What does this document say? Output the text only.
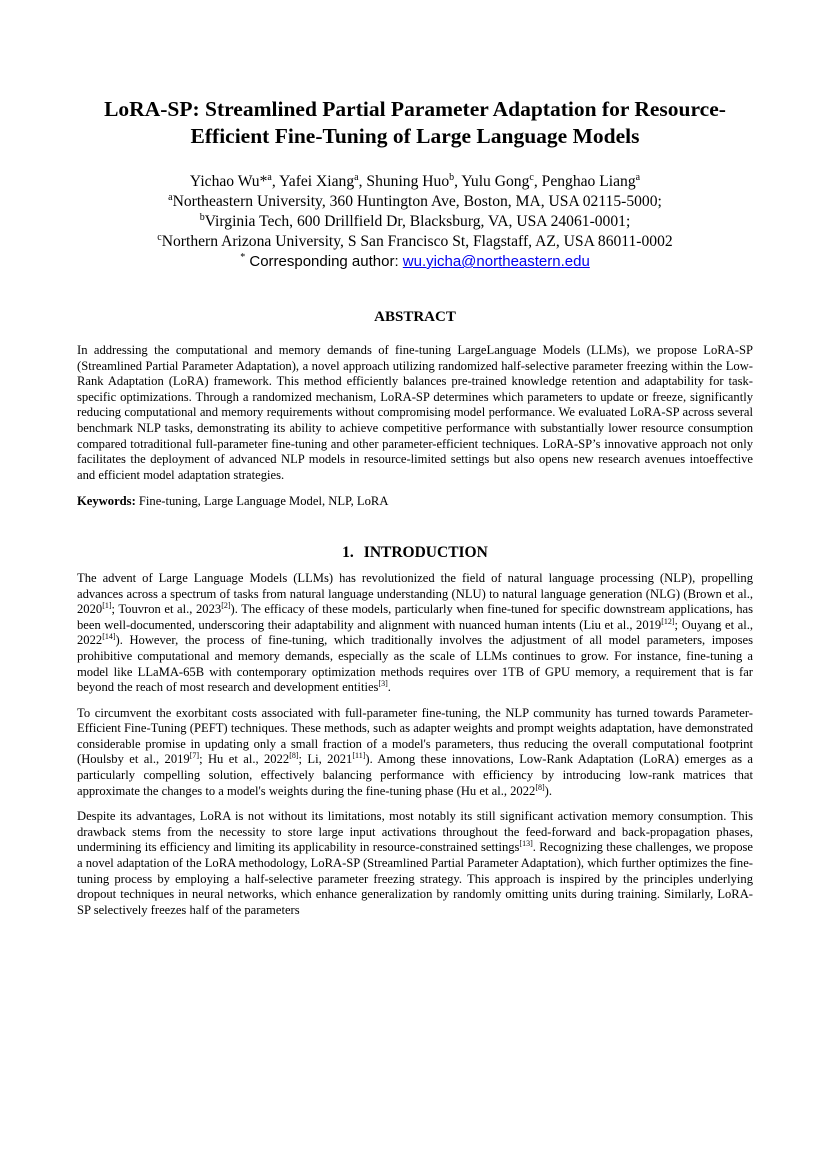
LoRA-SP: Streamlined Partial Parameter Adaptation for Resource-
Efficient Fine-Tuning of Large Language Models
Yichao Wu*$^a$, Yafei Xiang$^a$, Shuning Huo$^b$, Yulu Gong$^c$, Penghao Liang$^a$
$^a$Northeastern University, 360 Huntington Ave, Boston, MA, USA 02115-5000;
$^b$Virginia Tech, 600 Drillfield Dr, Blacksburg, VA, USA 24061-0001;
$^c$Northern Arizona University, S San Francisco St, Flagstaff, AZ, USA 86011-0002
* Corresponding author: wu.yicha@northeastern.edu
ABSTRACT

In addressing the computational and memory demands of fine-tuning LargeLanguage Models (LLMs), we propose LoRA-SP (Streamlined Partial Parameter Adaptation), a novel approach utilizing randomized half-selective parameter freezing within the Low-Rank Adaptation (LoRA) framework. This method efficiently balances pre-trained knowledge retention and adaptability for task-specific optimizations. Through a randomized mechanism, LoRA-SP determines which parameters to update or freeze, significantly reducing computational and memory requirements without compromising model performance. We evaluated LoRA-SP across several benchmark NLP tasks, demonstrating its ability to achieve competitive performance with substantially lower resource consumption compared totraditional full-parameter fine-tuning and other parameter-efficient techniques. LoRA-SP’s innovative approach not only facilitates the deployment of advanced NLP models in resource-limited settings but also opens new research avenues intoeffective and efficient model adaptation strategies.

Keywords: Fine-tuning, Large Language Model, NLP, LoRA
1. INTRODUCTION

The advent of Large Language Models (LLMs) has revolutionized the field of natural language processing (NLP), propelling advances across a spectrum of tasks from natural language understanding (NLU) to natural language generation (NLG) (Brown et al., 2020[1]; Touvron et al., 2023[2]). The efficacy of these models, particularly when fine-tuned for specific downstream applications, has been well-documented, underscoring their adaptability and alignment with nuanced human intents (Liu et al., 2019[12]; Ouyang et al., 2022[14]). However, the process of fine-tuning, which traditionally involves the adjustment of all model parameters, imposes prohibitive computational and memory demands, especially as the scale of LLMs continues to grow. For instance, fine-tuning a model like LLaMA-65B with contemporary optimization methods requires over 1TB of GPU memory, a requirement that is far beyond the reach of most research and development entities[3].

To circumvent the exorbitant costs associated with full-parameter fine-tuning, the NLP community has turned towards Parameter-Efficient Fine-Tuning (PEFT) techniques. These methods, such as adapter weights and prompt weights adaptation, have demonstrated considerable promise in updating only a small fraction of a model's parameters, thus reducing the overall computational footprint (Houlsby et al., 2019[7]; Hu et al., 2022[8]; Li, 2021[11]). Among these innovations, Low-Rank Adaptation (LoRA) emerges as a particularly compelling solution, effectively balancing performance with efficiency by introducing low-rank matrices that approximate the changes to a model's weights during the fine-tuning phase (Hu et al., 2022[8]).

Despite its advantages, LoRA is not without its limitations, most notably its still significant activation memory consumption. This drawback stems from the necessity to store large input activations throughout the feed-forward and back-propagation phases, undermining its efficiency and limiting its applicability in resource-constrained settings[13]. Recognizing these challenges, we propose a novel adaptation of the LoRA methodology, LoRA-SP (Streamlined Partial Parameter Adaptation), which further optimizes the fine-tuning process by employing a half-selective parameter freezing strategy. This approach is inspired by the principles underlying dropout techniques in neural networks, which enhance generalization by randomly omitting units during training. Similarly, LoRA-SP selectively freezes half of the parameters
